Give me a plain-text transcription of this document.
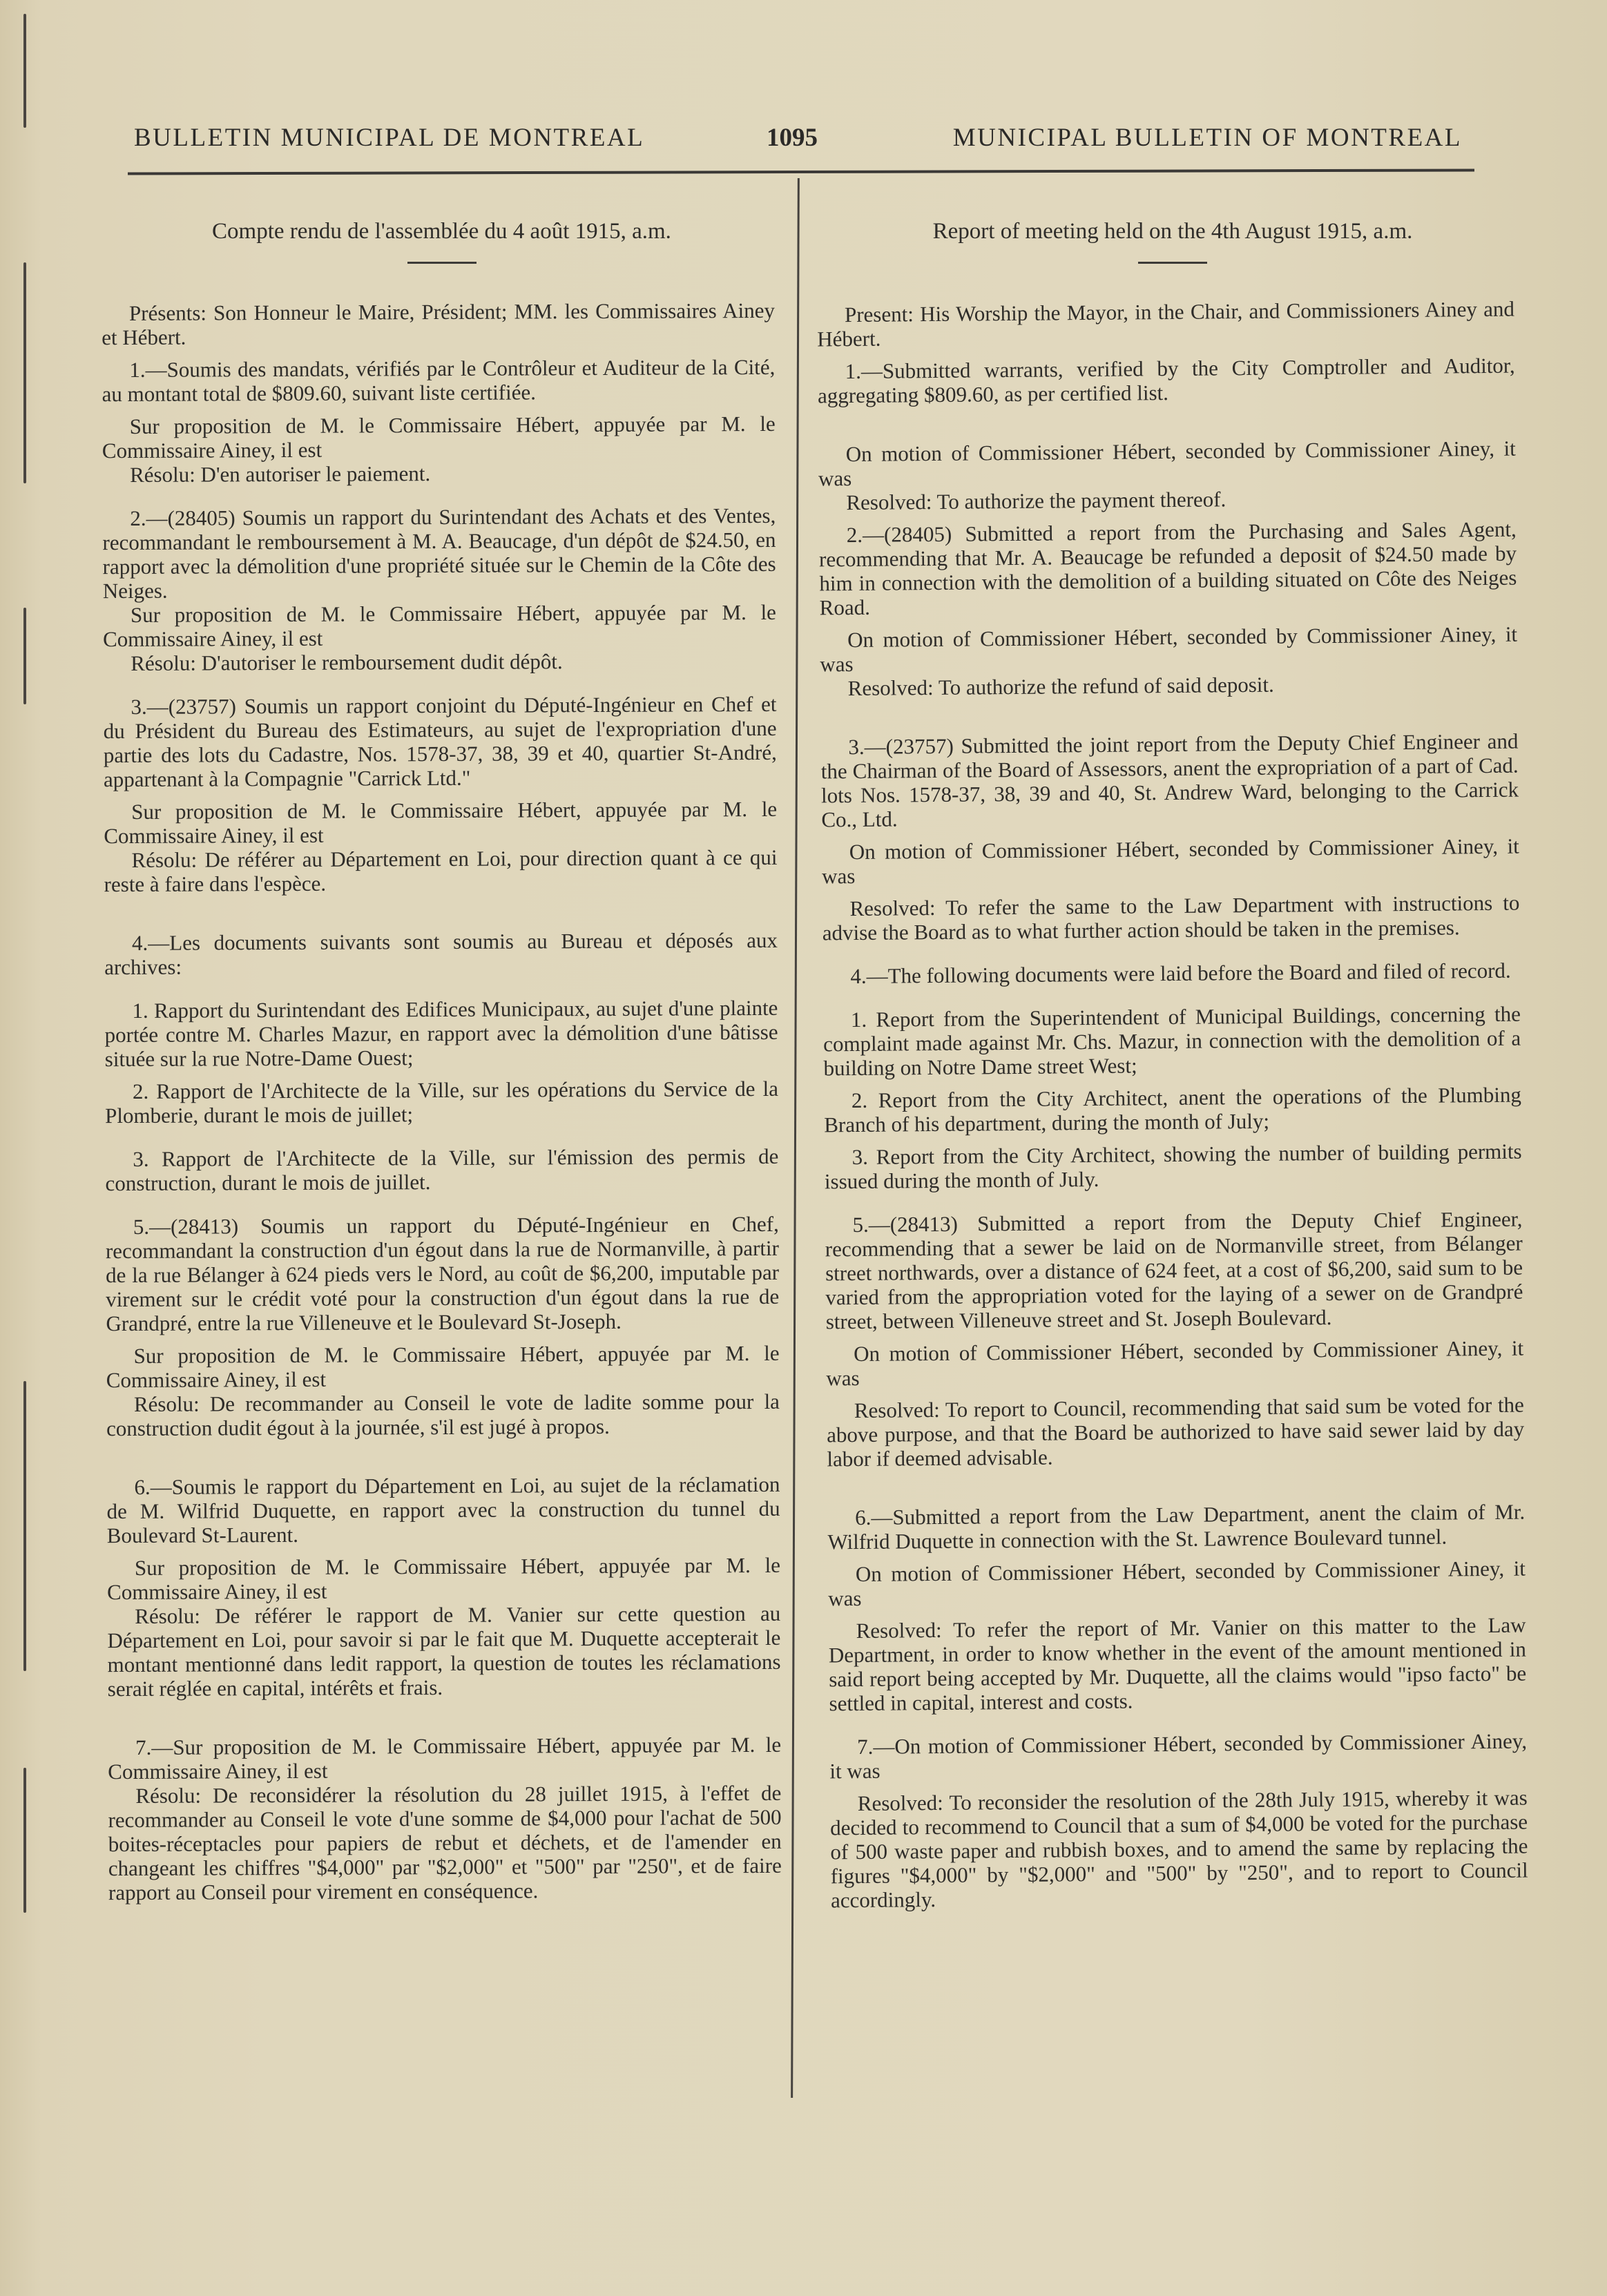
BULLETIN MUNICIPAL DE MONTREAL	1095	MUNICIPAL BULLETIN OF MONTREAL

Compte rendu de l'assemblée du 4 août 1915, a.m.

Présents: Son Honneur le Maire, Président; MM. les Commissaires Ainey et Hébert.

1.—Soumis des mandats, vérifiés par le Contrôleur et Auditeur de la Cité, au montant total de $809.60, suivant liste certifiée.

Sur proposition de M. le Commissaire Hébert, appuyée par M. le Commissaire Ainey, il est

Résolu: D'en autoriser le paiement.

2.—(28405) Soumis un rapport du Surintendant des Achats et des Ventes, recommandant le remboursement à M. A. Beaucage, d'un dépôt de $24.50, en rapport avec la démolition d'une propriété située sur le Chemin de la Côte des Neiges.

Sur proposition de M. le Commissaire Hébert, appuyée par M. le Commissaire Ainey, il est

Résolu: D'autoriser le remboursement dudit dépôt.

3.—(23757) Soumis un rapport conjoint du Député-Ingénieur en Chef et du Président du Bureau des Estimateurs, au sujet de l'expropriation d'une partie des lots du Cadastre, Nos. 1578-37, 38, 39 et 40, quartier St-André, appartenant à la Compagnie "Carrick Ltd."

Sur proposition de M. le Commissaire Hébert, appuyée par M. le Commissaire Ainey, il est

Résolu: De référer au Département en Loi, pour direction quant à ce qui reste à faire dans l'espèce.

4.—Les documents suivants sont soumis au Bureau et déposés aux archives:

1. Rapport du Surintendant des Edifices Municipaux, au sujet d'une plainte portée contre M. Charles Mazur, en rapport avec la démolition d'une bâtisse située sur la rue Notre-Dame Ouest;

2. Rapport de l'Architecte de la Ville, sur les opérations du Service de la Plomberie, durant le mois de juillet;

3. Rapport de l'Architecte de la Ville, sur l'émission des permis de construction, durant le mois de juillet.

5.—(28413) Soumis un rapport du Député-Ingénieur en Chef, recommandant la construction d'un égout dans la rue de Normanville, à partir de la rue Bélanger à 624 pieds vers le Nord, au coût de $6,200, imputable par virement sur le crédit voté pour la construction d'un égout dans la rue de Grandpré, entre la rue Villeneuve et le Boulevard St-Joseph.

Sur proposition de M. le Commissaire Hébert, appuyée par M. le Commissaire Ainey, il est

Résolu: De recommander au Conseil le vote de ladite somme pour la construction dudit égout à la journée, s'il est jugé à propos.

6.—Soumis le rapport du Département en Loi, au sujet de la réclamation de M. Wilfrid Duquette, en rapport avec la construction du tunnel du Boulevard St-Laurent.

Sur proposition de M. le Commissaire Hébert, appuyée par M. le Commissaire Ainey, il est

Résolu: De référer le rapport de M. Vanier sur cette question au Département en Loi, pour savoir si par le fait que M. Duquette accepterait le montant mentionné dans ledit rapport, la question de toutes les réclamations serait réglée en capital, intérêts et frais.

7.—Sur proposition de M. le Commissaire Hébert, appuyée par M. le Commissaire Ainey, il est

Résolu: De reconsidérer la résolution du 28 juillet 1915, à l'effet de recommander au Conseil le vote d'une somme de $4,000 pour l'achat de 500 boites-réceptacles pour papiers de rebut et déchets, et de l'amender en changeant les chiffres "$4,000" par "$2,000" et "500" par "250", et de faire rapport au Conseil pour virement en conséquence.

Report of meeting held on the 4th August 1915, a.m.

Present: His Worship the Mayor, in the Chair, and Commissioners Ainey and Hébert.

1.—Submitted warrants, verified by the City Comptroller and Auditor, aggregating $809.60, as per certified list.

On motion of Commissioner Hébert, seconded by Commissioner Ainey, it was

Resolved: To authorize the payment thereof.

2.—(28405) Submitted a report from the Purchasing and Sales Agent, recommending that Mr. A. Beaucage be refunded a deposit of $24.50 made by him in connection with the demolition of a building situated on Côte des Neiges Road.

On motion of Commissioner Hébert, seconded by Commissioner Ainey, it was

Resolved: To authorize the refund of said deposit.

3.—(23757) Submitted the joint report from the Deputy Chief Engineer and the Chairman of the Board of Assessors, anent the expropriation of a part of Cad. lots Nos. 1578-37, 38, 39 and 40, St. Andrew Ward, belonging to the Carrick Co., Ltd.

On motion of Commissioner Hébert, seconded by Commissioner Ainey, it was

Resolved: To refer the same to the Law Department with instructions to advise the Board as to what further action should be taken in the premises.

4.—The following documents were laid before the Board and filed of record.

1. Report from the Superintendent of Municipal Buildings, concerning the complaint made against Mr. Chs. Mazur, in connection with the demolition of a building on Notre Dame street West;

2. Report from the City Architect, anent the operations of the Plumbing Branch of his department, during the month of July;

3. Report from the City Architect, showing the number of building permits issued during the month of July.

5.—(28413) Submitted a report from the Deputy Chief Engineer, recommending that a sewer be laid on de Normanville street, from Bélanger street northwards, over a distance of 624 feet, at a cost of $6,200, said sum to be varied from the appropriation voted for the laying of a sewer on de Grandpré street, between Villeneuve street and St. Joseph Boulevard.

On motion of Commissioner Hébert, seconded by Commissioner Ainey, it was

Resolved: To report to Council, recommending that said sum be voted for the above purpose, and that the Board be authorized to have said sewer laid by day labor if deemed advisable.

6.—Submitted a report from the Law Department, anent the claim of Mr. Wilfrid Duquette in connection with the St. Lawrence Boulevard tunnel.

On motion of Commissioner Hébert, seconded by Commissioner Ainey, it was

Resolved: To refer the report of Mr. Vanier on this matter to the Law Department, in order to know whether in the event of the amount mentioned in said report being accepted by Mr. Duquette, all the claims would "ipso facto" be settled in capital, interest and costs.

7.—On motion of Commissioner Hébert, seconded by Commissioner Ainey, it was

Resolved: To reconsider the resolution of the 28th July 1915, whereby it was decided to recommend to Council that a sum of $4,000 be voted for the purchase of 500 waste paper and rubbish boxes, and to amend the same by replacing the figures "$4,000" by "$2,000" and "500" by "250", and to report to Council accordingly.
